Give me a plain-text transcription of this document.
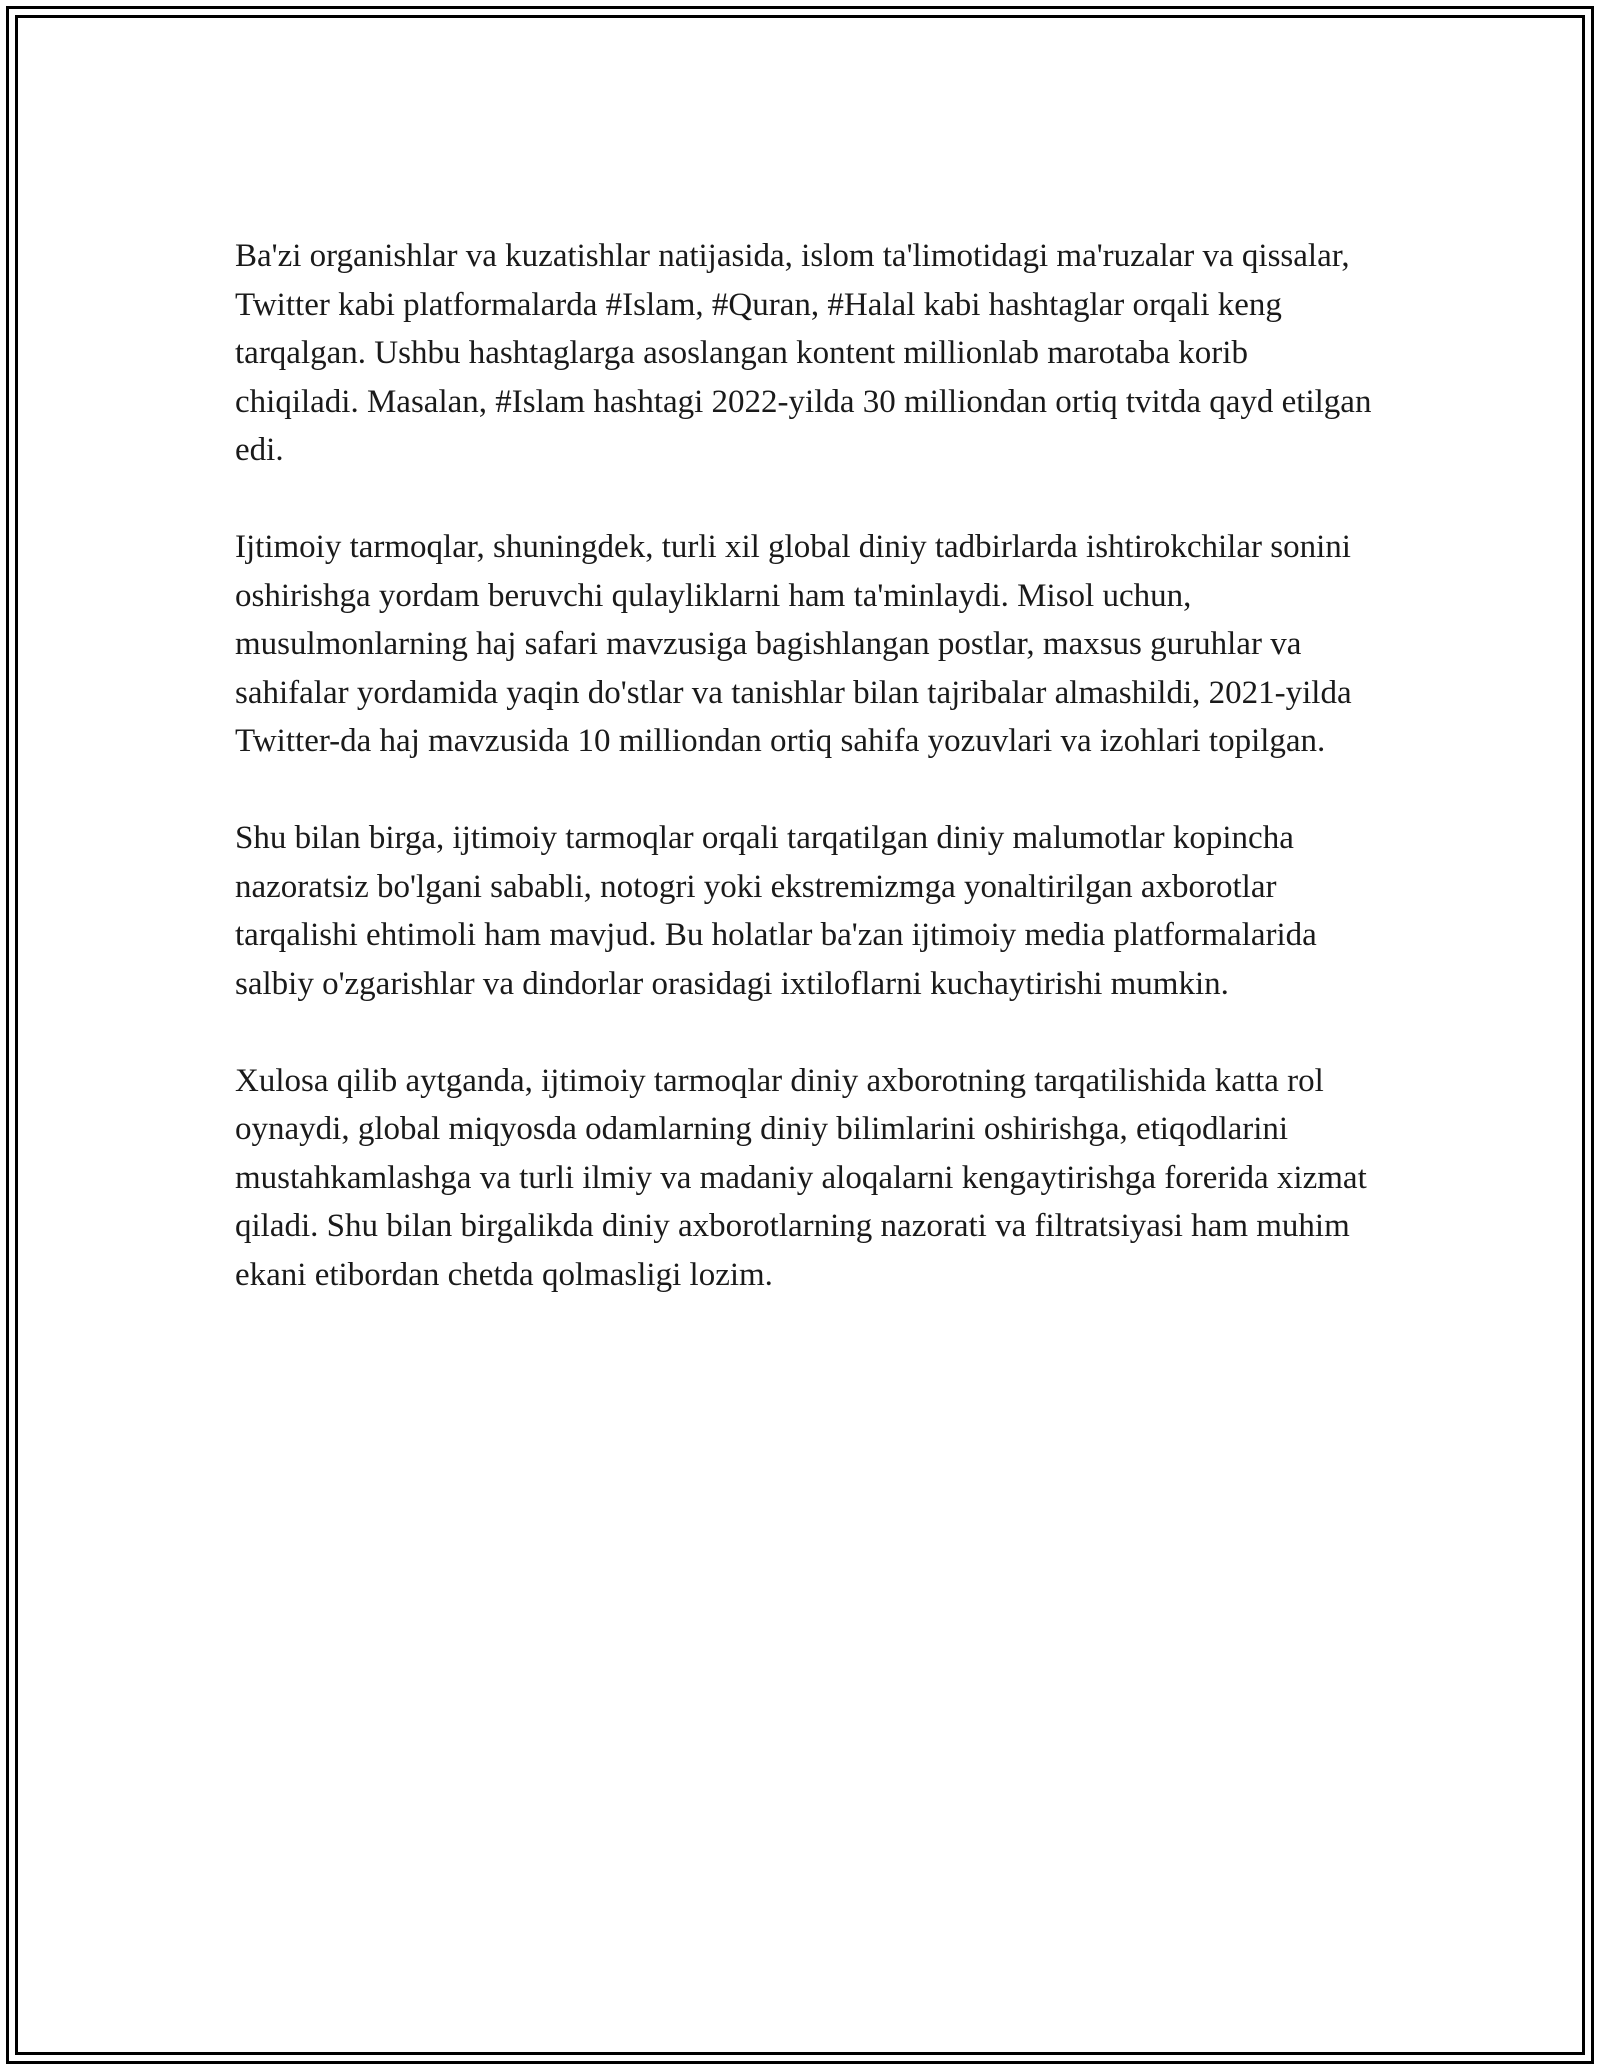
Ba'zi organishlar va kuzatishlar natijasida, islom ta'limotidagi ma'ruzalar va qissalar, Twitter kabi platformalarda #Islam, #Quran, #Halal kabi hashtaglar orqali keng tarqalgan. Ushbu hashtaglarga asoslangan kontent millionlab marotaba korib chiqiladi. Masalan, #Islam hashtagi 2022-yilda 30 milliondan ortiq tvitda qayd etilgan edi.

Ijtimoiy tarmoqlar, shuningdek, turli xil global diniy tadbirlarda ishtirokchilar sonini oshirishga yordam beruvchi qulayliklarni ham ta'minlaydi. Misol uchun, musulmonlarning haj safari mavzusiga bagishlangan postlar, maxsus guruhlar va sahifalar yordamida yaqin do'stlar va tanishlar bilan tajribalar almashildi, 2021-yilda Twitter-da haj mavzusida 10 milliondan ortiq sahifa yozuvlari va izohlari topilgan.

Shu bilan birga, ijtimoiy tarmoqlar orqali tarqatilgan diniy malumotlar kopincha nazoratsiz bo'lgani sababli, notogri yoki ekstremizmga yonaltirilgan axborotlar tarqalishi ehtimoli ham mavjud. Bu holatlar ba'zan ijtimoiy media platformalarida salbiy o'zgarishlar va dindorlar orasidagi ixtiloflarni kuchaytirishi mumkin.

Xulosa qilib aytganda, ijtimoiy tarmoqlar diniy axborotning tarqatilishida katta rol oynaydi, global miqyosda odamlarning diniy bilimlarini oshirishga, etiqodlarini mustahkamlashga va turli ilmiy va madaniy aloqalarni kengaytirishga forerida xizmat qiladi. Shu bilan birgalikda diniy axborotlarning nazorati va filtratsiyasi ham muhim ekani etibordan chetda qolmasligi lozim.
